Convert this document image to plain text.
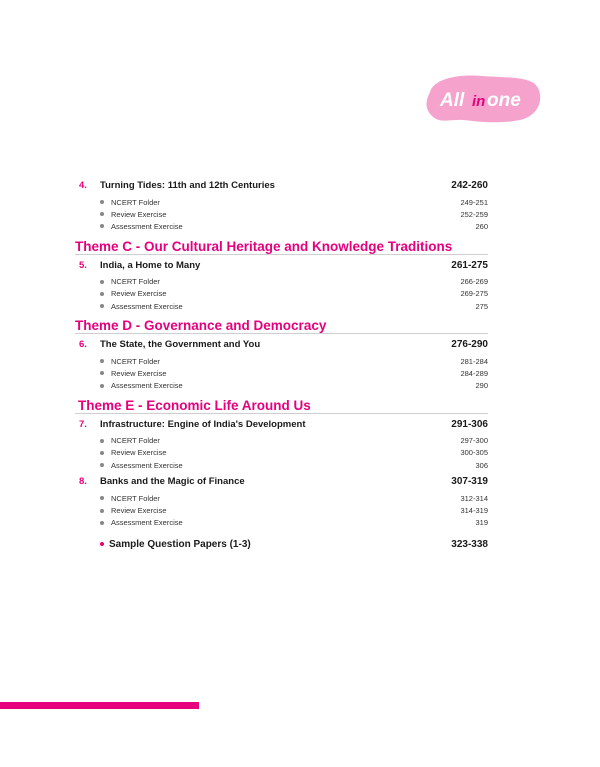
All in one
4.	Turning Tides: 11th and 12th Centuries	242-260
NCERT Folder	249-251
Review Exercise	252-259
Assessment Exercise	260
Theme C - Our Cultural Heritage and Knowledge Traditions
5.	India, a Home to Many	261-275
NCERT Folder	266-269
Review Exercise	269-275
Assessment Exercise	275
Theme D - Governance and Democracy
6.	The State, the Government and You	276-290
NCERT Folder	281-284
Review Exercise	284-289
Assessment Exercise	290
Theme E - Economic Life Around Us
7.	Infrastructure: Engine of India's Development	291-306
NCERT Folder	297-300
Review Exercise	300-305
Assessment Exercise	306
8.	Banks and the Magic of Finance	307-319
NCERT Folder	312-314
Review Exercise	314-319
Assessment Exercise	319
Sample Question Papers (1-3)	323-338
